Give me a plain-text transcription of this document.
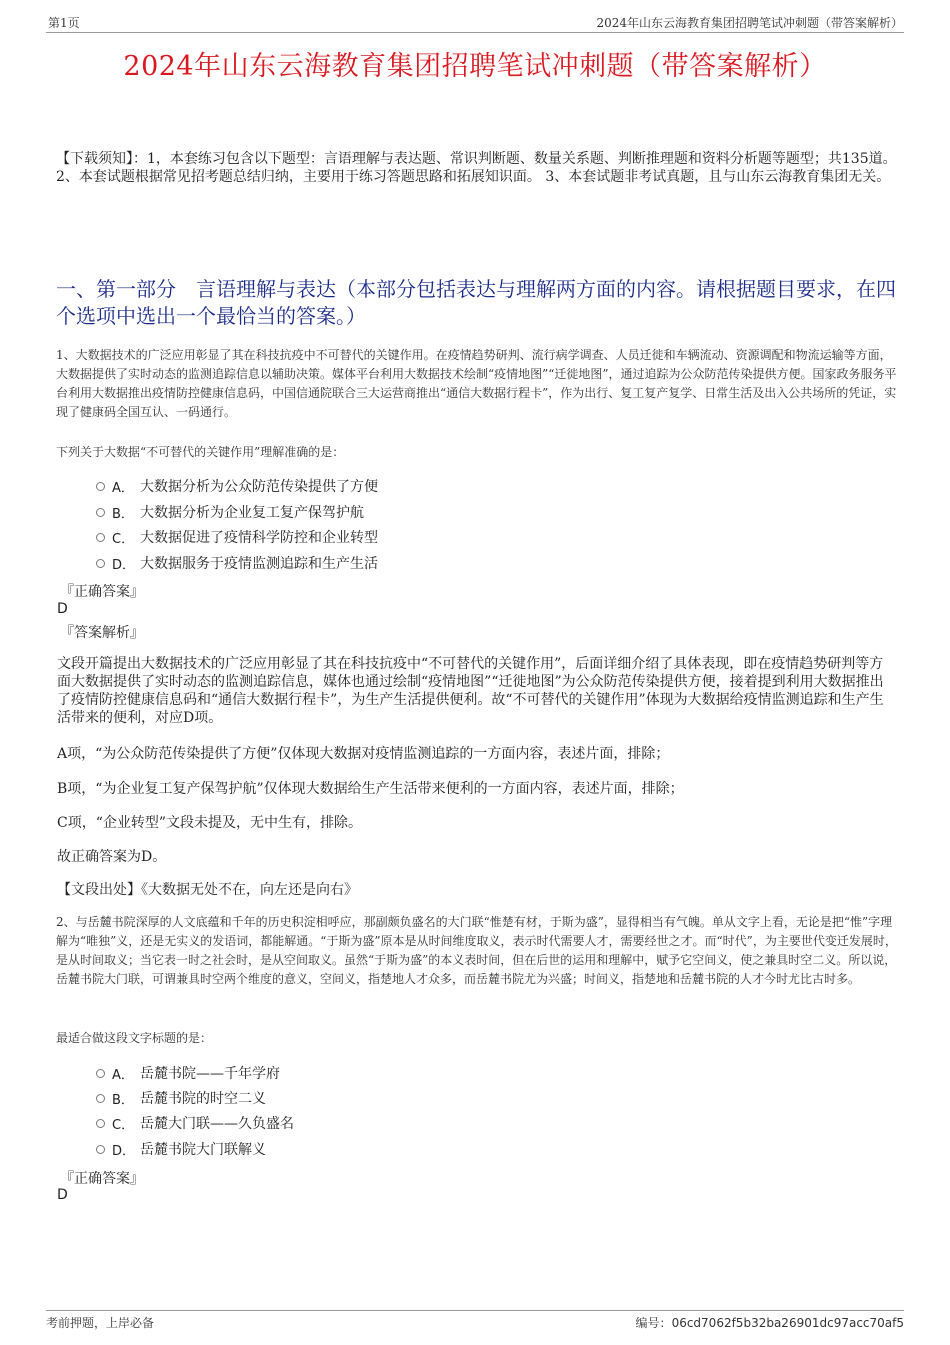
第1页	2024年山东云海教育集团招聘笔试冲刺题（带答案解析）
2024年山东云海教育集团招聘笔试冲刺题（带答案解析）
【下载须知】：1，本套练习包含以下题型：言语理解与表达题、常识判断题、数量关系题、判断推理题和资料分析题等题型；共135道。 2、本套试题根据常见招考题总结归纳，主要用于练习答题思路和拓展知识面。 3、本套试题非考试真题，且与山东云海教育集团无关。
一、第一部分　言语理解与表达（本部分包括表达与理解两方面的内容。请根据题目要求，在四个选项中选出一个最恰当的答案。）
1、大数据技术的广泛应用彰显了其在科技抗疫中不可替代的关键作用。在疫情趋势研判、流行病学调查、人员迁徙和车辆流动、资源调配和物流运输等方面，大数据提供了实时动态的监测追踪信息以辅助决策。媒体平台利用大数据技术绘制“疫情地图”“迁徙地图”，通过追踪为公众防范传染提供方便。国家政务服务平台利用大数据推出疫情防控健康信息码，中国信通院联合三大运营商推出“通信大数据行程卡”，作为出行、复工复产复学、日常生活及出入公共场所的凭证，实现了健康码全国互认、一码通行。
下列关于大数据“不可替代的关键作用”理解准确的是：
A． 大数据分析为公众防范传染提供了方便
B． 大数据分析为企业复工复产保驾护航
C． 大数据促进了疫情科学防控和企业转型
D． 大数据服务于疫情监测追踪和生产生活
『正确答案』
D
『答案解析』
文段开篇提出大数据技术的广泛应用彰显了其在科技抗疫中“不可替代的关键作用”，后面详细介绍了具体表现，即在疫情趋势研判等方面大数据提供了实时动态的监测追踪信息，媒体也通过绘制“疫情地图”“迁徙地图”为公众防范传染提供方便，接着提到利用大数据推出了疫情防控健康信息码和“通信大数据行程卡”，为生产生活提供便利。故“不可替代的关键作用”体现为大数据给疫情监测追踪和生产生活带来的便利，对应D项。
A项，“为公众防范传染提供了方便”仅体现大数据对疫情监测追踪的一方面内容，表述片面，排除；
B项，“为企业复工复产保驾护航”仅体现大数据给生产生活带来便利的一方面内容，表述片面，排除；
C项，“企业转型”文段未提及，无中生有，排除。
故正确答案为D。
【文段出处】《大数据无处不在，向左还是向右》
2、与岳麓书院深厚的人文底蕴和千年的历史积淀相呼应，那副颇负盛名的大门联“惟楚有材，于斯为盛”，显得相当有气魄。单从文字上看，无论是把“惟”字理解为“唯独”义，还是无实义的发语词，都能解通。“于斯为盛”原本是从时间维度取义，表示时代需要人才，需要经世之才。而“时代”，为主要世代变迁发展时，是从时间取义；当它表一时之社会时，是从空间取义。虽然“于斯为盛”的本义表时间，但在后世的运用和理解中，赋予它空间义，使之兼具时空二义。所以说，岳麓书院大门联，可谓兼具时空两个维度的意义，空间义，指楚地人才众多，而岳麓书院尤为兴盛；时间义，指楚地和岳麓书院的人才今时尤比古时多。
最适合做这段文字标题的是：
A． 岳麓书院——千年学府
B． 岳麓书院的时空二义
C． 岳麓大门联——久负盛名
D． 岳麓书院大门联解义
『正确答案』
D
考前押题，上岸必备	编号：06cd7062f5b32ba26901dc97acc70af5
